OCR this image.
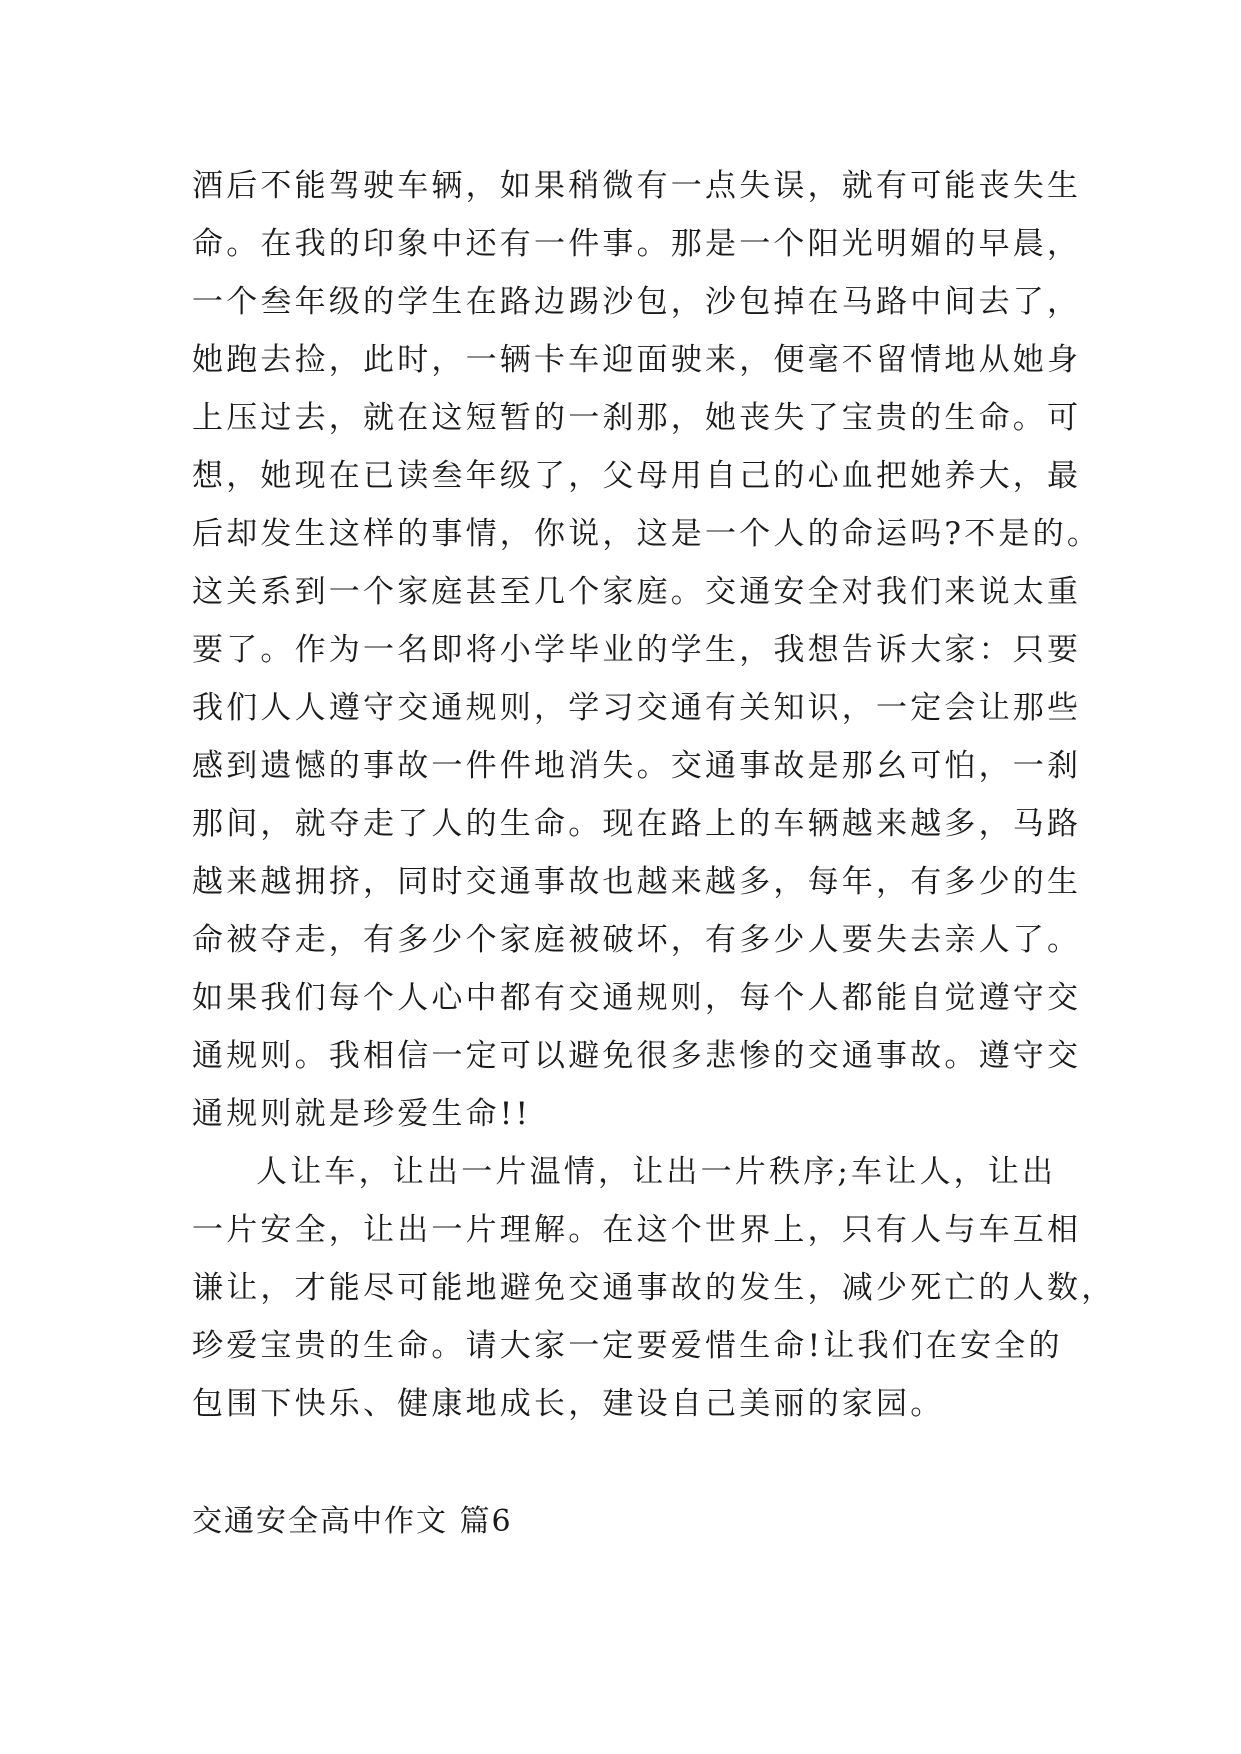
酒后不能驾驶车辆，如果稍微有一点失误，就有可能丧失生
命。在我的印象中还有一件事。那是一个阳光明媚的早晨，
一个叁年级的学生在路边踢沙包，沙包掉在马路中间去了，
她跑去捡，此时，一辆卡车迎面驶来，便毫不留情地从她身
上压过去，就在这短暂的一刹那，她丧失了宝贵的生命。可
想，她现在已读叁年级了，父母用自己的心血把她养大，最
后却发生这样的事情，你说，这是一个人的命运吗?不是的。
这关系到一个家庭甚至几个家庭。交通安全对我们来说太重
要了。作为一名即将小学毕业的学生，我想告诉大家：只要
我们人人遵守交通规则，学习交通有关知识，一定会让那些
感到遗憾的事故一件件地消失。交通事故是那幺可怕，一刹
那间，就夺走了人的生命。现在路上的车辆越来越多，马路
越来越拥挤，同时交通事故也越来越多，每年，有多少的生
命被夺走，有多少个家庭被破坏，有多少人要失去亲人了。
如果我们每个人心中都有交通规则，每个人都能自觉遵守交
通规则。我相信一定可以避免很多悲惨的交通事故。遵守交
通规则就是珍爱生命!!
人让车，让出一片温情，让出一片秩序;车让人，让出
一片安全，让出一片理解。在这个世界上，只有人与车互相
谦让，才能尽可能地避免交通事故的发生，减少死亡的人数，
珍爱宝贵的生命。请大家一定要爱惜生命!让我们在安全的
包围下快乐、健康地成长，建设自己美丽的家园。
交通安全高中作文 篇6
